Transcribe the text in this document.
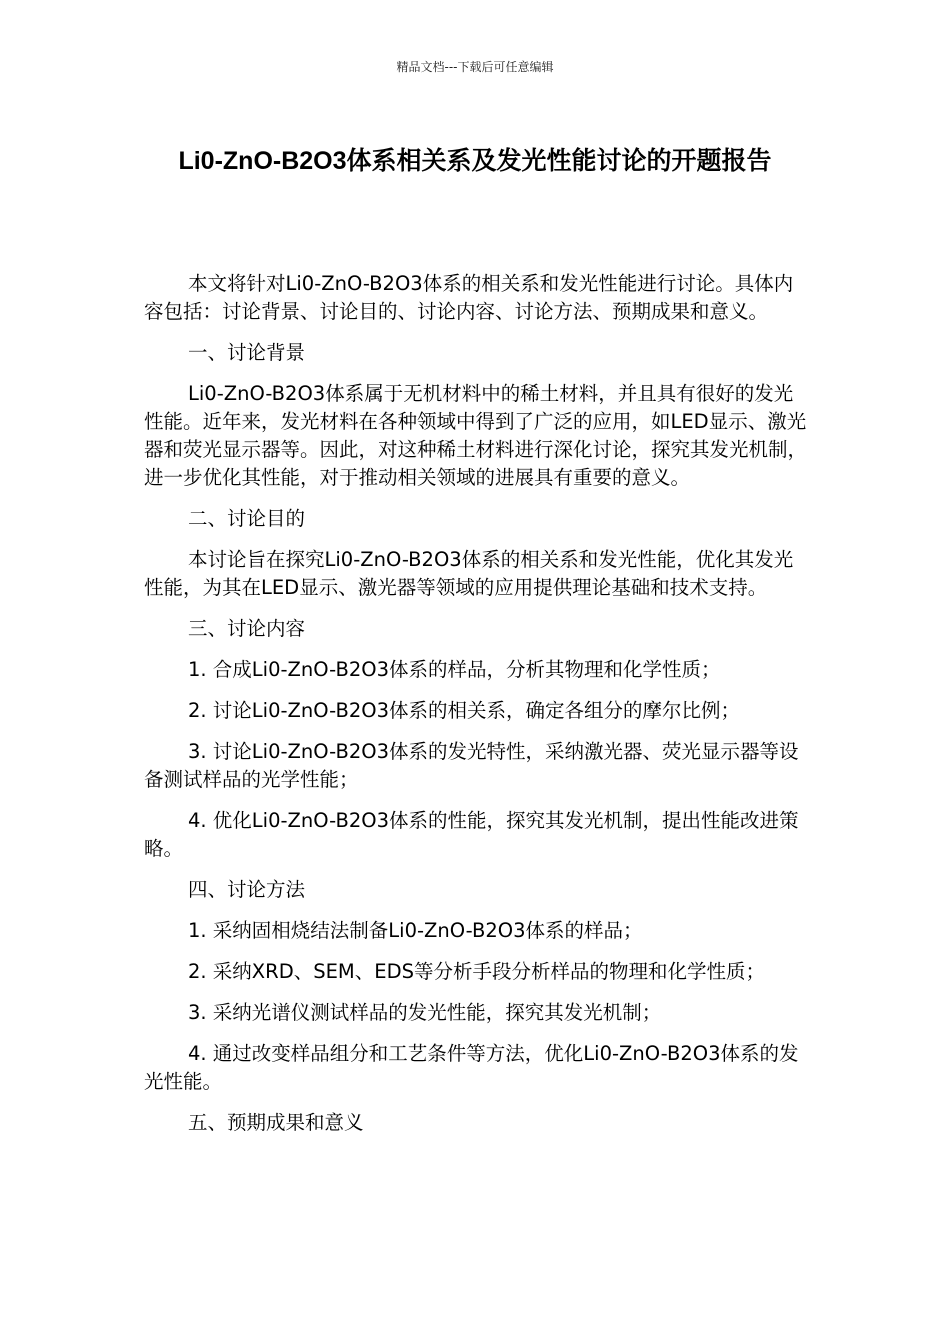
精品文档---下载后可任意编辑
Li0-ZnO-B2O3体系相关系及发光性能讨论的开题报告

本文将针对Li0-ZnO-B2O3体系的相关系和发光性能进行讨论。具体内容包括：讨论背景、讨论目的、讨论内容、讨论方法、预期成果和意义。

一、讨论背景

Li0-ZnO-B2O3体系属于无机材料中的稀土材料，并且具有很好的发光性能。近年来，发光材料在各种领域中得到了广泛的应用，如LED显示、激光器和荧光显示器等。因此，对这种稀土材料进行深化讨论，探究其发光机制，进一步优化其性能，对于推动相关领域的进展具有重要的意义。

二、讨论目的

本讨论旨在探究Li0-ZnO-B2O3体系的相关系和发光性能，优化其发光性能，为其在LED显示、激光器等领域的应用提供理论基础和技术支持。

三、讨论内容

1. 合成Li0-ZnO-B2O3体系的样品，分析其物理和化学性质；

2. 讨论Li0-ZnO-B2O3体系的相关系，确定各组分的摩尔比例；

3. 讨论Li0-ZnO-B2O3体系的发光特性，采纳激光器、荧光显示器等设备测试样品的光学性能；

4. 优化Li0-ZnO-B2O3体系的性能，探究其发光机制，提出性能改进策略。

四、讨论方法

1. 采纳固相烧结法制备Li0-ZnO-B2O3体系的样品；

2. 采纳XRD、SEM、EDS等分析手段分析样品的物理和化学性质；

3. 采纳光谱仪测试样品的发光性能，探究其发光机制；

4. 通过改变样品组分和工艺条件等方法，优化Li0-ZnO-B2O3体系的发光性能。

五、预期成果和意义
